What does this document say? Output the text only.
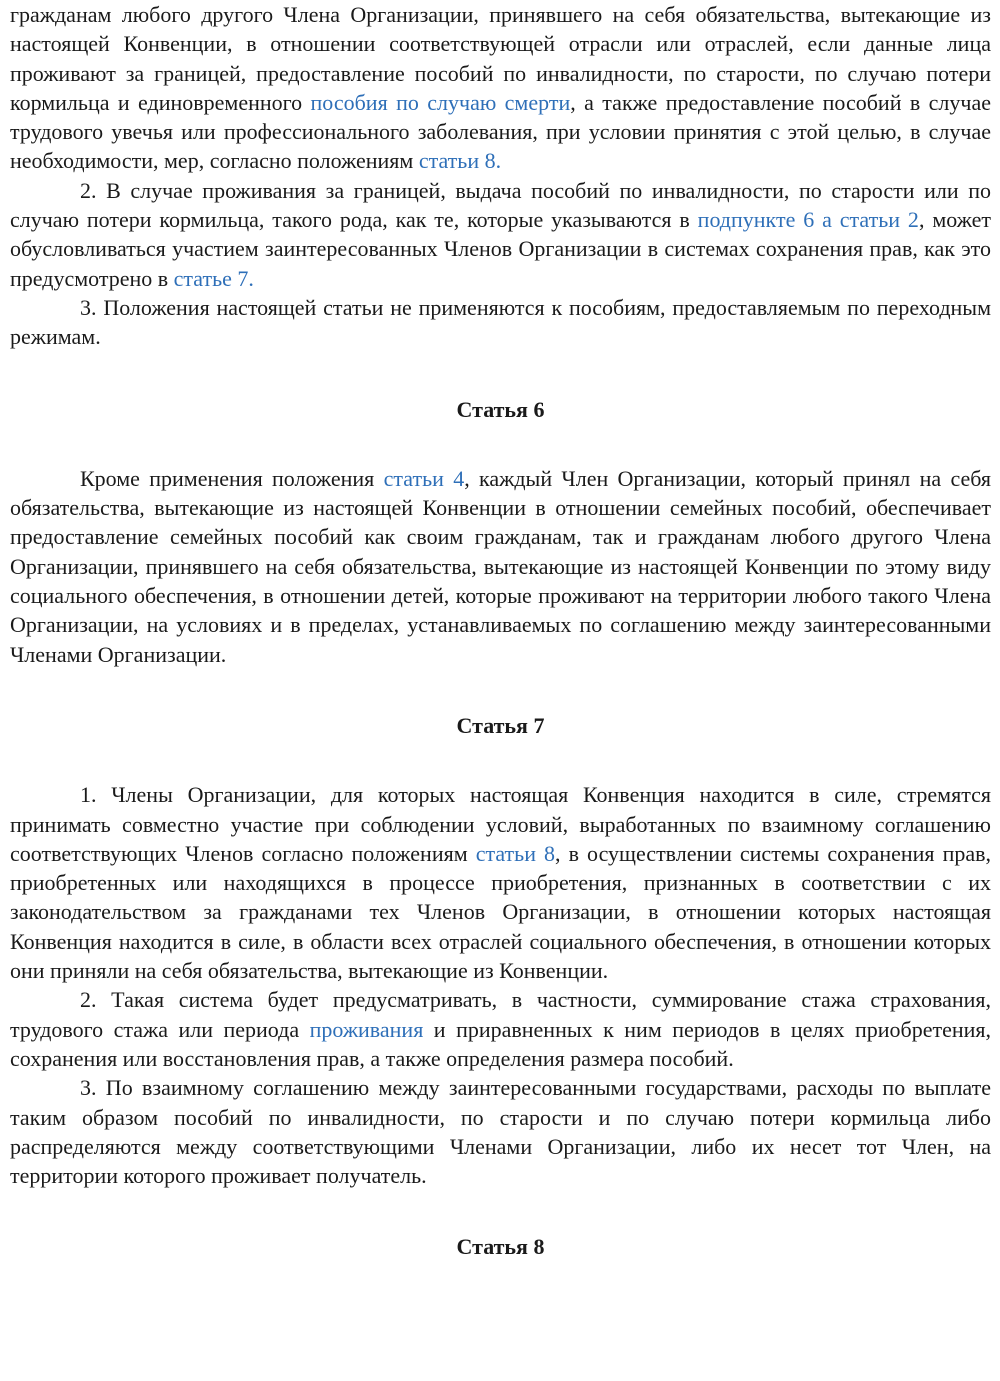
гражданам любого другого Члена Организации, принявшего на себя обязательства, вытекающие из настоящей Конвенции, в отношении соответствующей отрасли или отраслей, если данные лица проживают за границей, предоставление пособий по инвалидности, по старости, по случаю потери кормильца и единовременного пособия по случаю смерти, а также предоставление пособий в случае трудового увечья или профессионального заболевания, при условии принятия с этой целью, в случае необходимости, мер, согласно положениям статьи 8.

2. В случае проживания за границей, выдача пособий по инвалидности, по старости или по случаю потери кормильца, такого рода, как те, которые указываются в подпункте 6 а статьи 2, может обусловливаться участием заинтересованных Членов Организации в системах сохранения прав, как это предусмотрено в статье 7.

3. Положения настоящей статьи не применяются к пособиям, предоставляемым по переходным режимам.

Статья 6

Кроме применения положения статьи 4, каждый Член Организации, который принял на себя обязательства, вытекающие из настоящей Конвенции в отношении семейных пособий, обеспечивает предоставление семейных пособий как своим гражданам, так и гражданам любого другого Члена Организации, принявшего на себя обязательства, вытекающие из настоящей Конвенции по этому виду социального обеспечения, в отношении детей, которые проживают на территории любого такого Члена Организации, на условиях и в пределах, устанавливаемых по соглашению между заинтересованными Членами Организации.

Статья 7

1. Члены Организации, для которых настоящая Конвенция находится в силе, стремятся принимать совместно участие при соблюдении условий, выработанных по взаимному соглашению соответствующих Членов согласно положениям статьи 8, в осуществлении системы сохранения прав, приобретенных или находящихся в процессе приобретения, признанных в соответствии с их законодательством за гражданами тех Членов Организации, в отношении которых настоящая Конвенция находится в силе, в области всех отраслей социального обеспечения, в отношении которых они приняли на себя обязательства, вытекающие из Конвенции.

2. Такая система будет предусматривать, в частности, суммирование стажа страхования, трудового стажа или периода проживания и приравненных к ним периодов в целях приобретения, сохранения или восстановления прав, а также определения размера пособий.

3. По взаимному соглашению между заинтересованными государствами, расходы по выплате таким образом пособий по инвалидности, по старости и по случаю потери кормильца либо распределяются между соответствующими Членами Организации, либо их несет тот Член, на территории которого проживает получатель.

Статья 8
